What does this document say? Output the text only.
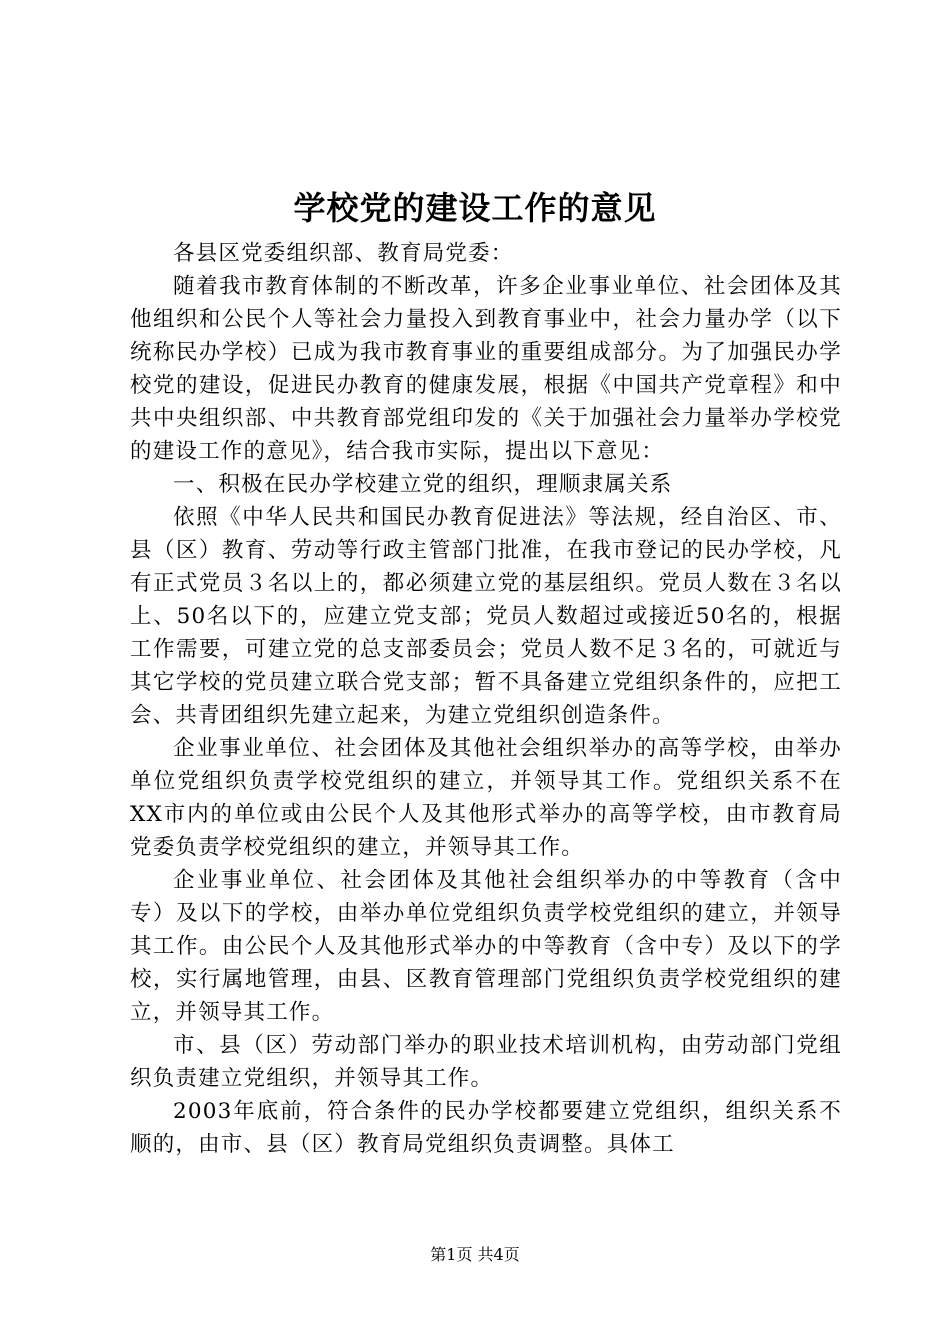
学校党的建设工作的意见

各县区党委组织部、教育局党委：

随着我市教育体制的不断改革，许多企业事业单位、社会团体及其他组织和公民个人等社会力量投入到教育事业中，社会力量办学（以下统称民办学校）已成为我市教育事业的重要组成部分。为了加强民办学校党的建设，促进民办教育的健康发展，根据《中国共产党章程》和中共中央组织部、中共教育部党组印发的《关于加强社会力量举办学校党的建设工作的意见》，结合我市实际，提出以下意见：

一、积极在民办学校建立党的组织，理顺隶属关系

依照《中华人民共和国民办教育促进法》等法规，经自治区、市、县（区）教育、劳动等行政主管部门批准，在我市登记的民办学校，凡有正式党员３名以上的，都必须建立党的基层组织。党员人数在３名以上、50名以下的，应建立党支部；党员人数超过或接近50名的，根据工作需要，可建立党的总支部委员会；党员人数不足３名的，可就近与其它学校的党员建立联合党支部；暂不具备建立党组织条件的，应把工会、共青团组织先建立起来，为建立党组织创造条件。

企业事业单位、社会团体及其他社会组织举办的高等学校，由举办单位党组织负责学校党组织的建立，并领导其工作。党组织关系不在XX市内的单位或由公民个人及其他形式举办的高等学校，由市教育局党委负责学校党组织的建立，并领导其工作。

企业事业单位、社会团体及其他社会组织举办的中等教育（含中专）及以下的学校，由举办单位党组织负责学校党组织的建立，并领导其工作。由公民个人及其他形式举办的中等教育（含中专）及以下的学校，实行属地管理，由县、区教育管理部门党组织负责学校党组织的建立，并领导其工作。

市、县（区）劳动部门举办的职业技术培训机构，由劳动部门党组织负责建立党组织，并领导其工作。

2003年底前，符合条件的民办学校都要建立党组织，组织关系不顺的，由市、县（区）教育局党组织负责调整。具体工

第1页 共4页
